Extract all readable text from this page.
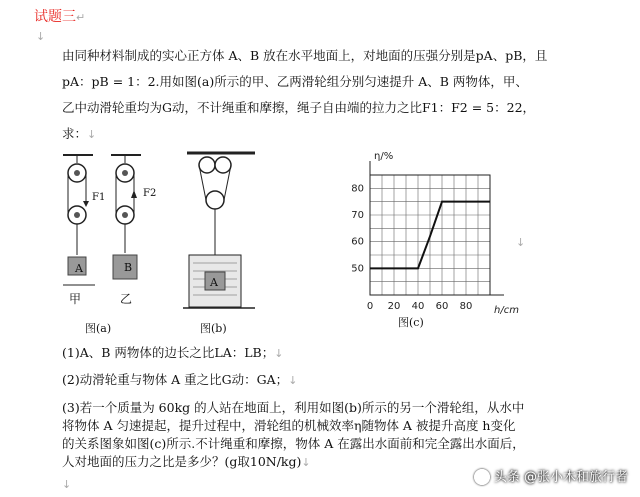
试题三↵
↓
由同种材料制成的实心正方体 A、B 放在水平地面上，对地面的压强分别是pA、pB，且
pA：pB = 1：2.用如图(a)所示的甲、乙两滑轮组分别匀速提升 A、B 两物体，甲、
乙中动滑轮重均为G动，不计绳重和摩擦，绳子自由端的拉力之比F1：F2 = 5：22，
求：↓
F1	F2
A	B
A
甲	乙
图(a)	图(b)
0 20 40 60 80
50
60
70
80
η/%
h/cm
图(c)
↓
(1)A、B 两物体的边长之比LA：LB；↓
(2)动滑轮重与物体 A 重之比G动：GA；↓
(3)若一个质量为 60kg 的人站在地面上，利用如图(b)所示的另一个滑轮组，从水中
将物体 A 匀速提起，提升过程中，滑轮组的机械效率η随物体 A 被提升高度 h变化
的关系图象如图(c)所示.不计绳重和摩擦，物体 A 在露出水面前和完全露出水面后，
人对地面的压力之比是多少？(g取10N/kg)↓
↓	头条 @张小木和旅行者
